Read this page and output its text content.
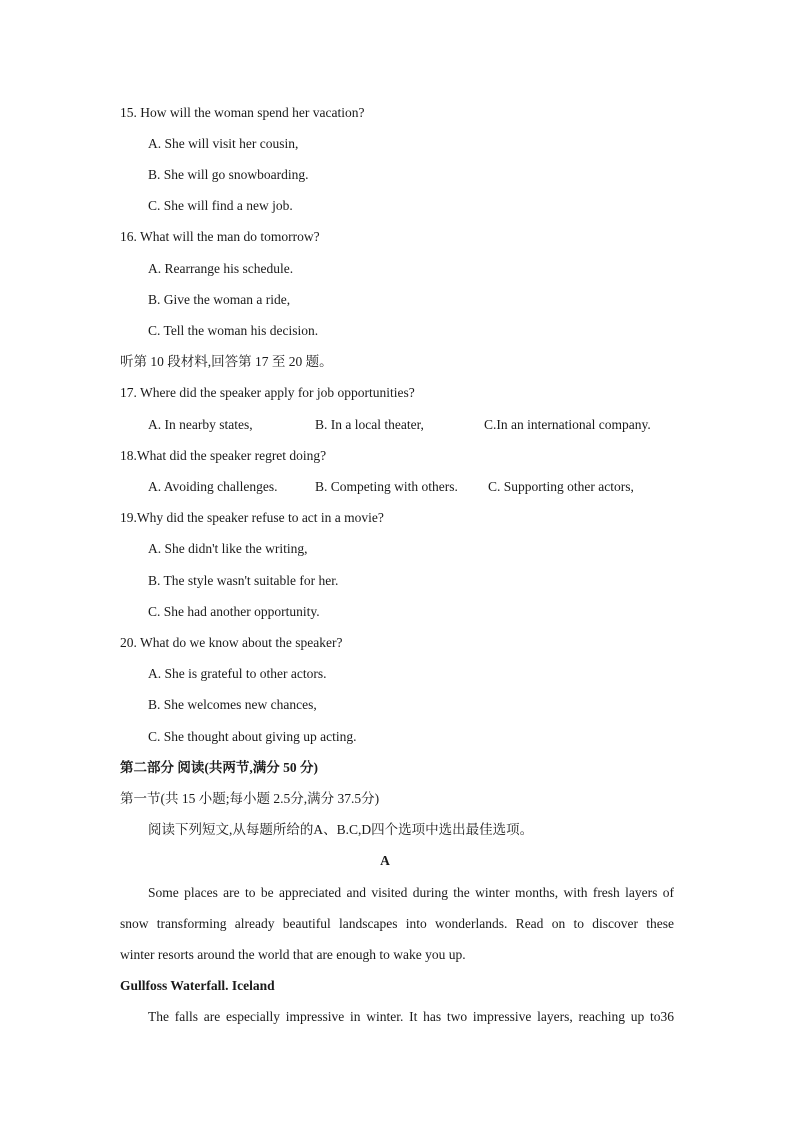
15. How will the woman spend her vacation?
A. She will visit her cousin,
B. She will go snowboarding.
C. She will find a new job.
16. What will the man do tomorrow?
A. Rearrange his schedule.
B. Give the woman a ride,
C. Tell the woman his decision.
听第 10 段材料,回答第 17 至 20 题。
17. Where did the speaker apply for job opportunities?
A. In nearby states,	B. In a local theater,	C.In an international company.
18.What did the speaker regret doing?
A. Avoiding challenges.	B. Competing with others. C. Supporting other actors,
19.Why did the speaker refuse to act in a movie?
A. She didn't like the writing,
B. The style wasn't suitable for her.
C. She had another opportunity.
20. What do we know about the speaker?
A. She is grateful to other actors.
B. She welcomes new chances,
C. She thought about giving up acting.
第二部分 阅读(共两节,满分 50 分)
第一节(共 15 小题;每小题 2.5分,满分 37.5分)
阅读下列短文,从每题所给的A、B.C,D四个选项中选出最佳选项。
A
Some places are to be appreciated and visited during the winter months, with fresh layers of
snow transforming already beautiful landscapes into wonderlands. Read on to discover these
winter resorts around the world that are enough to wake you up.
Gullfoss Waterfall. Iceland
The falls are especially impressive in winter. It has two impressive layers, reaching up to36
